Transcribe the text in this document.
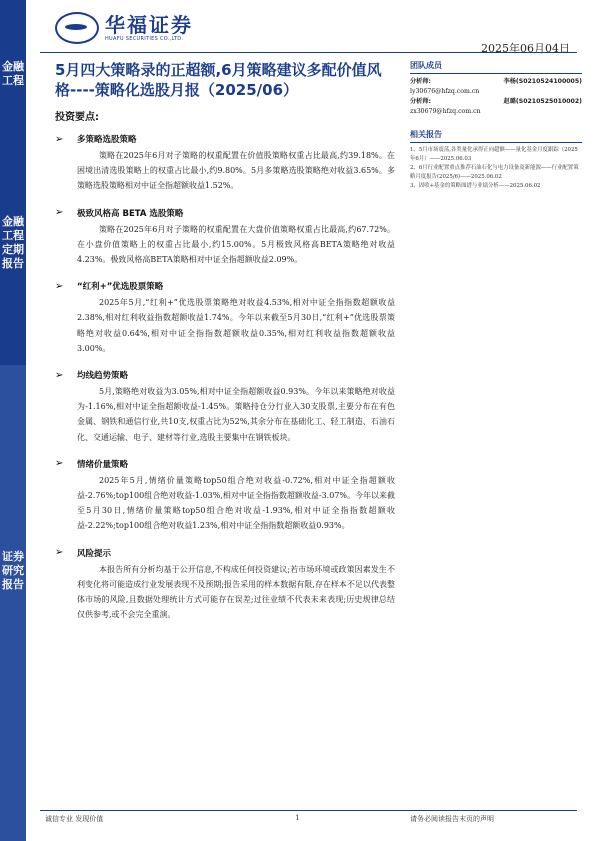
金融工程
金融工程定期报告
证券研究报告
华福证券
HUAFU SECURITIES CO.,LTD.
2025年06月04日
5月四大策略录的正超额,6月策略建议多配价值风格----策略化选股月报（2025/06）
投资要点:
➢	多策略选股策略
策略在2025年6月对子策略的权重配置在价值股策略权重占比最高,约39.18%。在困境出清选股策略上的权重占比最小,约9.80%。5月多策略选股策略绝对收益3.65%。多策略选股策略相对中证全指超额收益1.52%。
➢	极致风格高 BETA 选股策略
策略在2025年6月对子策略的权重配置在大盘价值策略权重占比最高,约67.72%。在小盘价值策略上的权重占比最小,约15.00%。5月极致风格高BETA策略绝对收益4.23%。极致风格高BETA策略相对中证全指超额收益2.09%。
➢	“红利+”优选股票策略
2025年5月,“红利+”优选股票策略绝对收益4.53%,相对中证全指指数超额收益2.38%,相对红利收益指数超额收益1.74%。今年以来截至5月30日,“红利+”优选股票策略绝对收益0.64%,相对中证全指指数超额收益0.35%,相对红利收益指数超额收益3.00%。
➢	均线趋势策略
5月,策略绝对收益为3.05%,相对中证全指超额收益0.93%。今年以来策略绝对收益为-1.16%,相对中证全指超额收益-1.45%。策略持仓分行业入30支股票,主要分布在有色金属、钢铁和通信行业,共10支,权重占比为52%,其余分布在基础化工、轻工制造、石油石化、交通运输、电子、建材等行业,选股主要集中在钢铁板块。
➢	情绪价量策略
2025年5月,情绪价量策略top50组合绝对收益-0.72%,相对中证全指超额收益-2.76%;top100组合绝对收益-1.03%,相对中证全指指数超额收益-3.07%。今年以来截至5月30日,情绪价量策略top50组合绝对收益-1.93%,相对中证全指指数超额收益-2.22%;top100组合绝对收益1.23%,相对中证全指指数超额收益0.93%。
➢	风险提示
本报告所有分析均基于公开信息,不构成任何投资建议;若市场环境或政策因素发生不利变化将可能造成行业发展表现不及预期;报告采用的样本数据有限,存在样本不足以代表整体市场的风险,且数据处理统计方式可能存在误差;过往业绩不代表未来表现;历史规律总结仅供参考,或不会完全重演。
团队成员
分析师:	李杨(S0210524100005)
ly30676@hfzq.com.cn
分析师:	赵璐(S0210525010002)
zx30679@hfzq.com.cn
相关报告
1、5月市场震荡,各类量化承得正向超额——量化基金月度跟踪（2025年6月）——2025.06.03
2、6月行业配置重点推荐石油石化与电力设备及新能源——行业配置策略月度报告(2025/6)——2025.06.02
3、固收+基金的策略图谱与业绩分析——2025.06.02
诚信专业 发现价值	1	请务必阅读报告末页的声明
